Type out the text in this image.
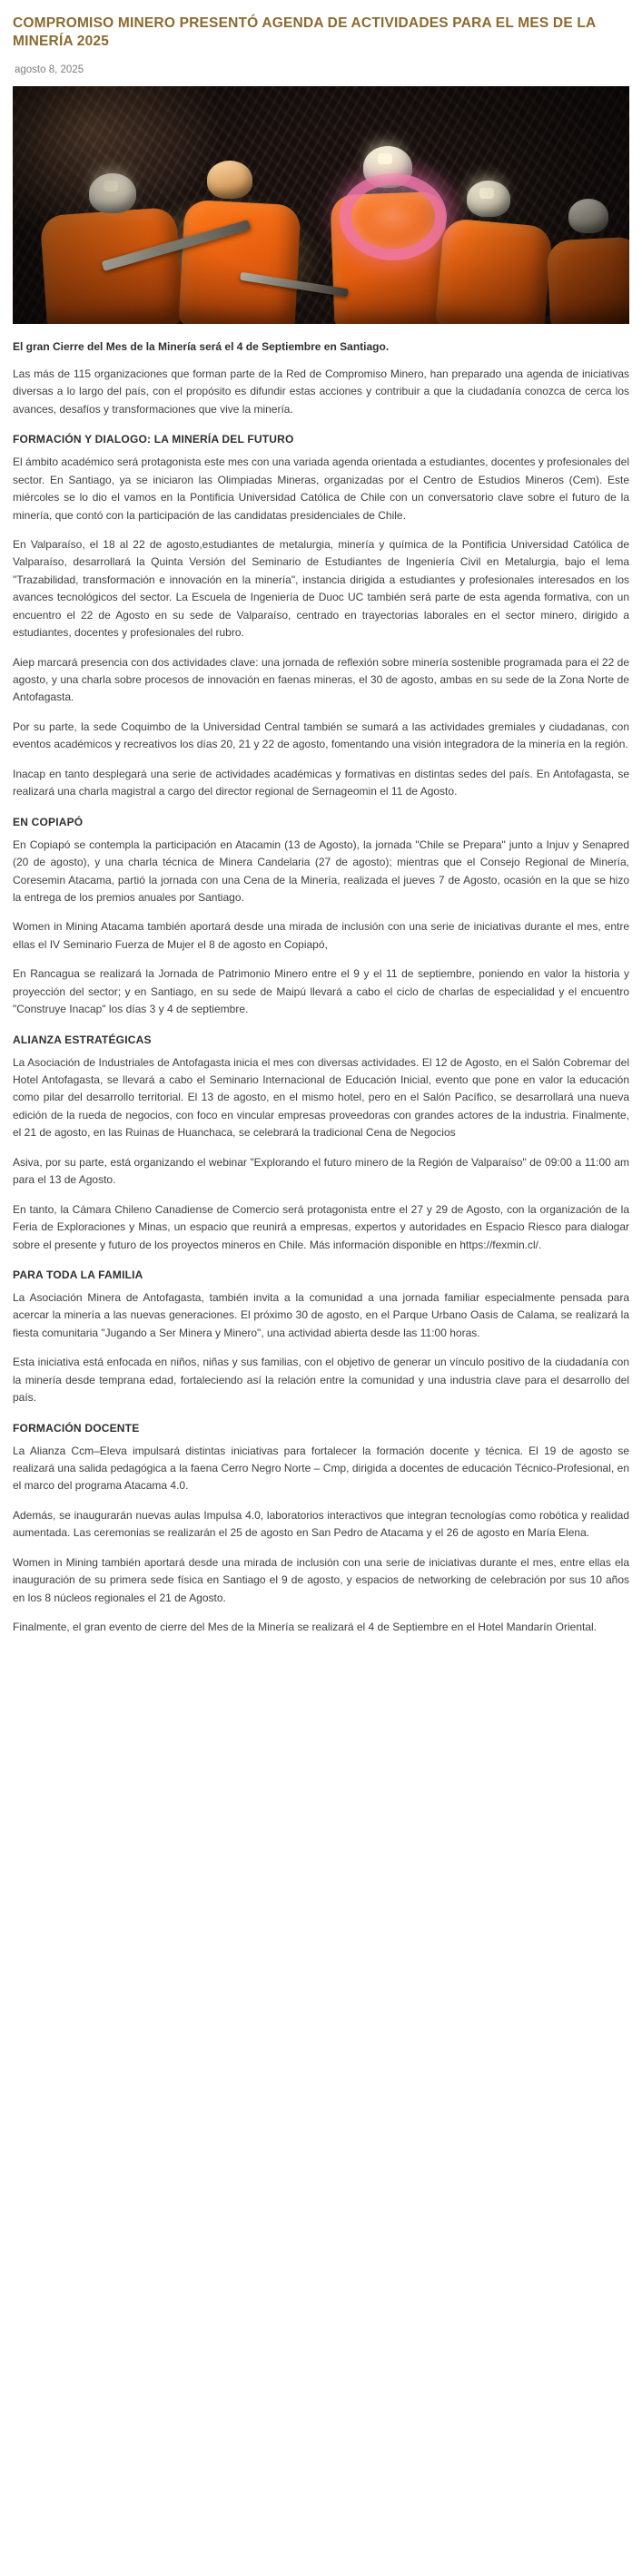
COMPROMISO MINERO PRESENTÓ AGENDA DE ACTIVIDADES PARA EL MES DE LA MINERÍA 2025
agosto 8, 2025

El gran Cierre del Mes de la Minería será el 4 de Septiembre en Santiago.

Las más de 115 organizaciones que forman parte de la Red de Compromiso Minero, han preparado una agenda de iniciativas diversas a lo largo del país, con el propósito es difundir estas acciones y contribuir a que la ciudadanía conozca de cerca los avances, desafíos y transformaciones que vive la minería.

FORMACIÓN Y DIALOGO: LA MINERÍA DEL FUTURO

El ámbito académico será protagonista este mes con una variada agenda orientada a estudiantes, docentes y profesionales del sector. En Santiago, ya se iniciaron las Olimpiadas Mineras, organizadas por el Centro de Estudios Mineros (Cem). Este miércoles se lo dio el vamos en la Pontificia Universidad Católica de Chile con un conversatorio clave sobre el futuro de la minería, que contó con la participación de las candidatas presidenciales de Chile.

En Valparaíso, el 18 al 22 de agosto,estudiantes de metalurgia, minería y química de la Pontificia Universidad Católica de Valparaíso, desarrollará la Quinta Versión del Seminario de Estudiantes de Ingeniería Civil en Metalurgia, bajo el lema "Trazabilidad, transformación e innovación en la minería", instancia dirigida a estudiantes y profesionales interesados en los avances tecnológicos del sector. La Escuela de Ingeniería de Duoc UC también será parte de esta agenda formativa, con un encuentro el 22 de Agosto en su sede de Valparaíso, centrado en trayectorias laborales en el sector minero, dirigido a estudiantes, docentes y profesionales del rubro.

Aiep marcará presencia con dos actividades clave: una jornada de reflexión sobre minería sostenible programada para el 22 de agosto, y una charla sobre procesos de innovación en faenas mineras, el 30 de agosto, ambas en su sede de la Zona Norte de Antofagasta.

Por su parte, la sede Coquimbo de la Universidad Central también se sumará a las actividades gremiales y ciudadanas, con eventos académicos y recreativos los días 20, 21 y 22 de agosto, fomentando una visión integradora de la minería en la región.

Inacap en tanto desplegará una serie de actividades académicas y formativas en distintas sedes del país. En Antofagasta, se realizará una charla magistral a cargo del director regional de Sernageomin el 11 de Agosto.

EN COPIAPÓ

En Copiapó se contempla la participación en Atacamin (13 de Agosto), la jornada "Chile se Prepara" junto a Injuv y Senapred (20 de agosto), y una charla técnica de Minera Candelaria (27 de agosto); mientras que el Consejo Regional de Minería, Coresemin Atacama, partió la jornada con una Cena de la Minería, realizada el jueves 7 de Agosto, ocasión en la que se hizo la entrega de los premios anuales por Santiago.

Women in Mining Atacama también aportará desde una mirada de inclusión con una serie de iniciativas durante el mes, entre ellas el IV Seminario Fuerza de Mujer el 8 de agosto en Copiapó,

En Rancagua se realizará la Jornada de Patrimonio Minero entre el 9 y el 11 de septiembre, poniendo en valor la historia y proyección del sector; y en Santiago, en su sede de Maipú llevará a cabo el ciclo de charlas de especialidad y el encuentro "Construye Inacap" los días 3 y 4 de septiembre.

ALIANZA ESTRATÉGICAS

La Asociación de Industriales de Antofagasta inicia el mes con diversas actividades. El 12 de Agosto, en el Salón Cobremar del Hotel Antofagasta, se llevará a cabo el Seminario Internacional de Educación Inicial, evento que pone en valor la educación como pilar del desarrollo territorial. El 13 de agosto, en el mismo hotel, pero en el Salón Pacífico, se desarrollará una nueva edición de la rueda de negocios, con foco en vincular empresas proveedoras con grandes actores de la industria. Finalmente, el 21 de agosto, en las Ruinas de Huanchaca, se celebrará la tradicional Cena de Negocios

Asiva, por su parte, está organizando el webinar "Explorando el futuro minero de la Región de Valparaíso" de 09:00 a 11:00 am para el 13 de Agosto.

En tanto, la Cámara Chileno Canadiense de Comercio será protagonista entre el 27 y 29 de Agosto, con la organización de la Feria de Exploraciones y Minas, un espacio que reunirá a empresas, expertos y autoridades en Espacio Riesco para dialogar sobre el presente y futuro de los proyectos mineros en Chile. Más información disponible en https://fexmin.cl/.

PARA TODA LA FAMILIA

La Asociación Minera de Antofagasta, también invita a la comunidad a una jornada familiar especialmente pensada para acercar la minería a las nuevas generaciones. El próximo 30 de agosto, en el Parque Urbano Oasis de Calama, se realizará la fiesta comunitaria "Jugando a Ser Minera y Minero", una actividad abierta desde las 11:00 horas.

Esta iniciativa está enfocada en niños, niñas y sus familias, con el objetivo de generar un vínculo positivo de la ciudadanía con la minería desde temprana edad, fortaleciendo así la relación entre la comunidad y una industria clave para el desarrollo del país.

FORMACIÓN DOCENTE

La Alianza Ccm–Eleva impulsará distintas iniciativas para fortalecer la formación docente y técnica. El 19 de agosto se realizará una salida pedagógica a la faena Cerro Negro Norte – Cmp, dirigida a docentes de educación Técnico-Profesional, en el marco del programa Atacama 4.0.

Además, se inaugurarán nuevas aulas Impulsa 4.0, laboratorios interactivos que integran tecnologías como robótica y realidad aumentada. Las ceremonias se realizarán el 25 de agosto en San Pedro de Atacama y el 26 de agosto en María Elena.

Women in Mining también aportará desde una mirada de inclusión con una serie de iniciativas durante el mes, entre ellas ela inauguración de su primera sede física en Santiago el 9 de agosto, y espacios de networking de celebración por sus 10 años en los 8 núcleos regionales el 21 de Agosto.

Finalmente, el gran evento de cierre del Mes de la Minería se realizará el 4 de Septiembre en el Hotel Mandarín Oriental.
